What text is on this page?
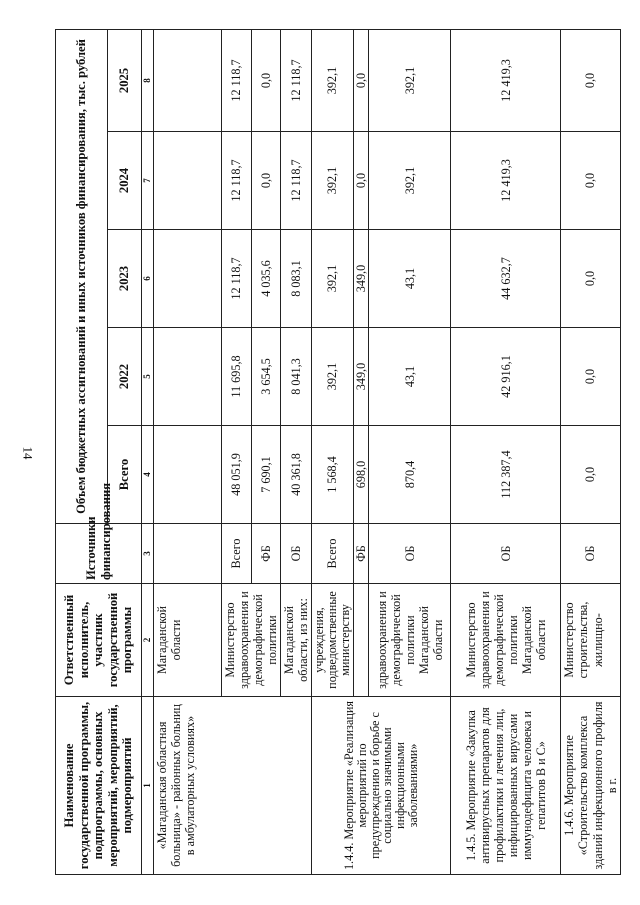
14
Наименование государственной программы, подпрограммы, основных мероприятий, мероприятий, подмероприятий	Ответственный исполнитель, участник государственной программы	Источники финансирования	Объем бюджетных ассигнований и иных источников финансирования, тыс. рублей				
			Всего	2022	2023	2024	2025
1	2	3	4	5	6	7	8
«Магаданская областная больница» - районных больниц в амбулаторных условиях»	Магаданской области						
	Министерство здравоохранения и демографической политики	Всего	48 051,9	11 695,8	12 118,7	12 118,7	12 118,7
		ФБ	7 690,1	3 654,5	4 035,6	0,0	0,0
	Магаданской области, из них:	ОБ	40 361,8	8 041,3	8 083,1	12 118,7	12 118,7
1.4.4. Мероприятие «Реализация мероприятий по предупреждению и борьбе с социально значимыми инфекционными заболеваниями»	учреждения, подведомственные министерству	Всего	1 568,4	392,1	392,1	392,1	392,1
		ФБ	698,0	349,0	349,0	0,0	0,0
	здравоохранения и демографической политики Магаданской области	ОБ	870,4	43,1	43,1	392,1	392,1
1.4.5. Мероприятие «Закупка антивирусных препаратов для профилактики и лечения лиц, инфицированных вирусами иммунодефицита человека и гепатитов В и С»	Министерство здравоохранения и демографической политики Магаданской области	ОБ	112 387,4	42 916,1	44 632,7	12 419,3	12 419,3
1.4.6. Мероприятие «Строительство комплекса зданий инфекционного профиля в г.	Министерство строительства, жилищно-	ОБ	0,0	0,0	0,0	0,0	0,0
